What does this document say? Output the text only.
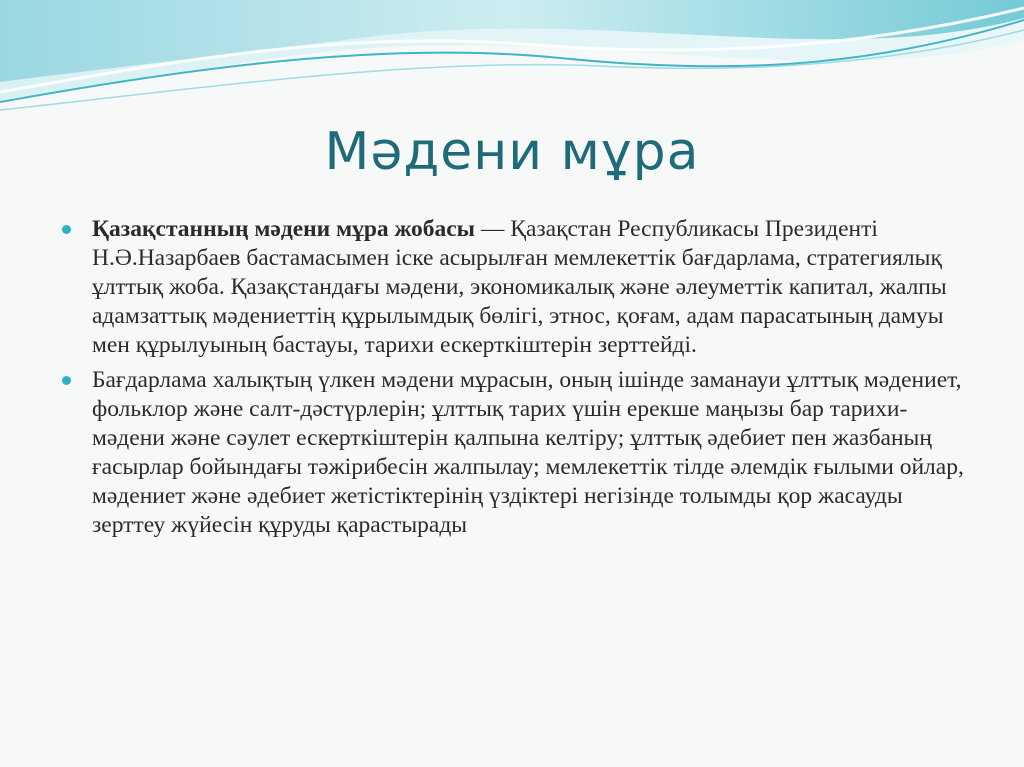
Мәдени мұра

Қазақстанның мәдени мұра жобасы — Қазақстан Республикасы Президенті Н.Ә.Назарбаев бастамасымен іске асырылған мемлекеттік бағдарлама, стратегиялық ұлттық жоба. Қазақстандағы мәдени, экономикалық және әлеуметтік капитал, жалпы адамзаттық мәдениеттің құрылымдық бөлігі, этнос, қоғам, адам парасатының дамуы мен құрылуының бастауы, тарихи ескерткіштерін зерттейді.

Бағдарлама халықтың үлкен мәдени мұрасын, оның ішінде заманауи ұлттық мәдениет, фольклор және салт-дәстүрлерін; ұлттық тарих үшін ерекше маңызы бар тарихи-мәдени және сәулет ескерткіштерін қалпына келтіру; ұлттық әдебиет пен жазбаның ғасырлар бойындағы тәжірибесін жалпылау; мемлекеттік тілде әлемдік ғылыми ойлар, мәдениет және әдебиет жетістіктерінің үздіктері негізінде толымды қор жасауды зерттеу жүйесін құруды қарастырады
